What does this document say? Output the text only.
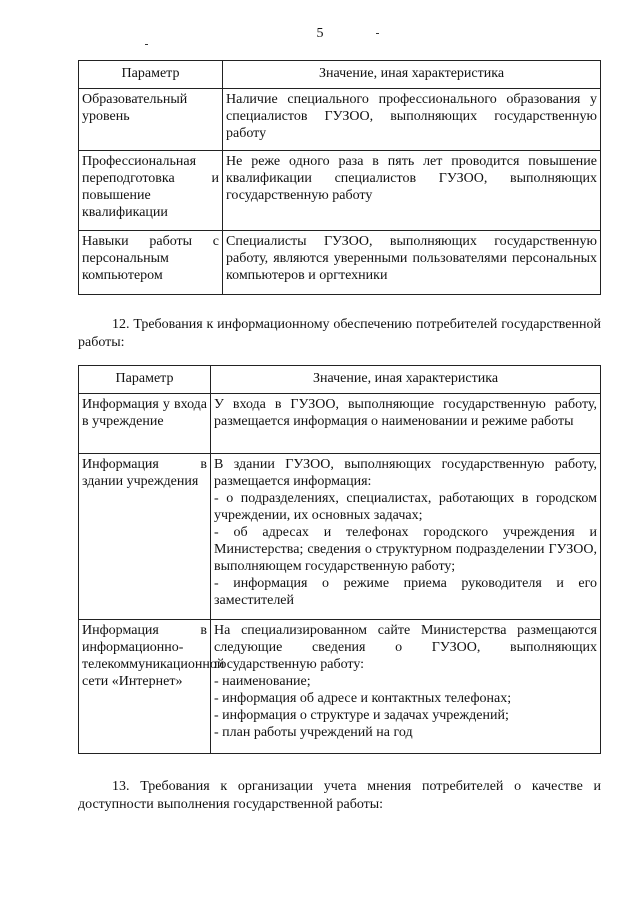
5
Параметр	Значение, иная характеристика
Образовательный уровень	Наличие специального профессионального образования у специалистов ГУЗОО, выполняющих государственную работу
Профессиональная переподготовка и повышение квалификации	Не реже одного раза в пять лет проводится повышение квалификации специалистов ГУЗОО, выполняющих государственную работу
Навыки работы с персональным компьютером	Специалисты ГУЗОО, выполняющих государственную работу, являются уверенными пользователями персональных компьютеров и оргтехники

12. Требования к информационному обеспечению потребителей государственной работы:

Параметр	Значение, иная характеристика
Информация у входа в учреждение	У входа в ГУЗОО, выполняющие государственную работу, размещается информация о наименовании и режиме работы

Информация в здании учреждения	В здании ГУЗОО, выполняющих государственную работу, размещается информация:
- о подразделениях, специалистах, работающих в городском учреждении, их основных задачах;
- об адресах и телефонах городского учреждения и Министерства; сведения о структурном подразделении ГУЗОО, выполняющем государственную работу;
- информация о режиме приема руководителя и его заместителей

Информация в информационно-телекоммуникационной сети «Интернет»	На специализированном сайте Министерства размещаются следующие сведения о ГУЗОО, выполняющих государственную работу:
- наименование;
- информация об адресе и контактных телефонах;
- информация о структуре и задачах учреждений;
- план работы учреждений на год

13. Требования к организации учета мнения потребителей о качестве и доступности выполнения государственной работы:
